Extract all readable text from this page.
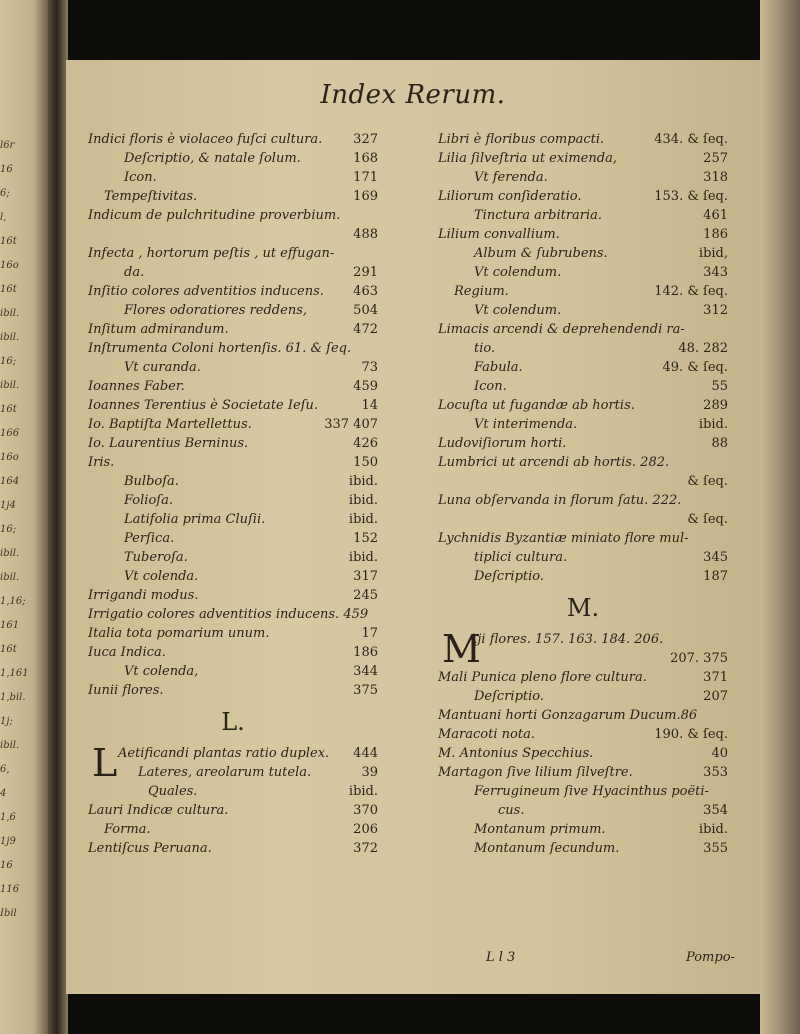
l6r
16
6;
l,
16t
16o
16t
ibil.
ibil.
16;
ibil.
16t
166
16o
164
1j4
16;
ibil.
ibil.
1,16;
161
16t
1,161
1,bil.
1j;
ibil.
6,
4
1,6
1j9
16
116
Ibil
Index Rerum.
Indici floris è violaceo fuſci cultura. 327
Deſcriptio, & natale ſolum.	168
Icon.	171
Tempeſtivitas.	169
Indicum de pulchritudine proverbium.
488
Infecta , hortorum peſtis , ut effugan-
da.	291
Inſitio colores adventitios inducens. 463
Flores odoratiores reddens,	504
Inſitum admirandum.	472
Inſtrumenta Coloni hortenſis. 61. & ſeq.
Vt curanda.	73
Ioannes Faber.	459
Ioannes Terentius è Societate Ieſu.	14
Io. Baptiſta Martellettus.	337 407
Io. Laurentius Berninus.	426
Iris.	150
Bulboſa.	ibid.
Folioſa.	ibid.
Latifolia prima Cluſii.	ibid.
Perſica.	152
Tuberoſa.	ibid.
Vt colenda.	317
Irrigandi modus.	245
Irrigatio colores adventitios inducens. 459
Italia tota pomarium unum.	17
Iuca Indica.	186
Vt colenda,	344
Iunii flores.	375
L.
L Aetificandi plantas ratio duplex. 444
Lateres, areolarum tutela.	39
Quales.	ibid.
Lauri Indicæ cultura.	370
Forma.	206
Lentiſcus Peruana.	372
Libri è floribus compacti.	434. & ſeq.
Lilia ſilveſtria ut eximenda,	257
Vt ferenda.	318
Liliorum conſideratio.	153. & ſeq.
Tinctura arbitraria.	461
Lilium convallium.	186
Album & ſubrubens.	ibid,
Vt colendum.	343
Regium.	142. & ſeq.
Vt colendum.	312
Limacis arcendi & deprehendendi ra-
tio.	48. 282
Fabula.	49. & ſeq.
Icon.	55
Locuſta ut fugandæ ab hortis.	289
Vt interimenda.	ibid.
Ludoviſiorum horti.	88
Lumbrici ut arcendi ab hortis. 282.
& ſeq.
Luna obſervanda in florum ſatu. 222.
& ſeq.
Lychnidis Byzantiæ miniato flore mul-
tiplici cultura.	345
Deſcriptio.	187
M.
M
Aji flores. 157. 163. 184. 206.
207. 375
Mali Punica pleno flore cultura.	371
Deſcriptio.	207
Mantuani horti Gonzagarum Ducum.86
Maracoti nota.	190. & ſeq.
M. Antonius Specchius.	40
Martagon ſive lilium ſilveſtre.	353
Ferrugineum ſive Hyacinthus poëti-
cus.	354
Montanum primum.	ibid.
Montanum ſecundum.	355
L l 3	Pompo-
